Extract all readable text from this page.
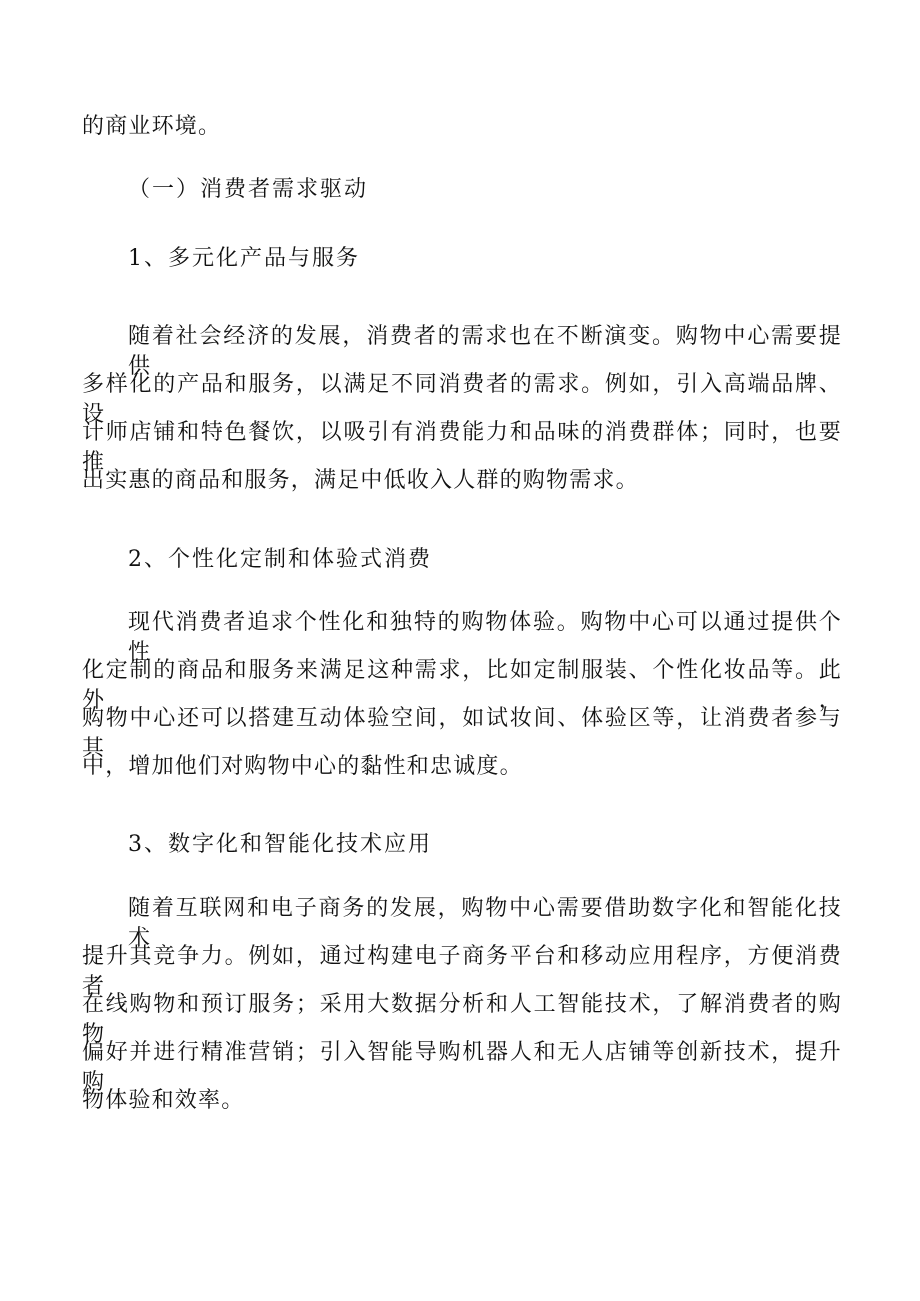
的商业环境。
（一）消费者需求驱动
1、多元化产品与服务
随着社会经济的发展，消费者的需求也在不断演变。购物中心需要提供
多样化的产品和服务，以满足不同消费者的需求。例如，引入高端品牌、设
计师店铺和特色餐饮，以吸引有消费能力和品味的消费群体；同时，也要推
出实惠的商品和服务，满足中低收入人群的购物需求。
2、个性化定制和体验式消费
现代消费者追求个性化和独特的购物体验。购物中心可以通过提供个性
化定制的商品和服务来满足这种需求，比如定制服装、个性化妆品等。此外，
购物中心还可以搭建互动体验空间，如试妆间、体验区等，让消费者参与其
中，增加他们对购物中心的黏性和忠诚度。
3、数字化和智能化技术应用
随着互联网和电子商务的发展，购物中心需要借助数字化和智能化技术
提升其竞争力。例如，通过构建电子商务平台和移动应用程序，方便消费者
在线购物和预订服务；采用大数据分析和人工智能技术，了解消费者的购物
偏好并进行精准营销；引入智能导购机器人和无人店铺等创新技术，提升购
物体验和效率。
